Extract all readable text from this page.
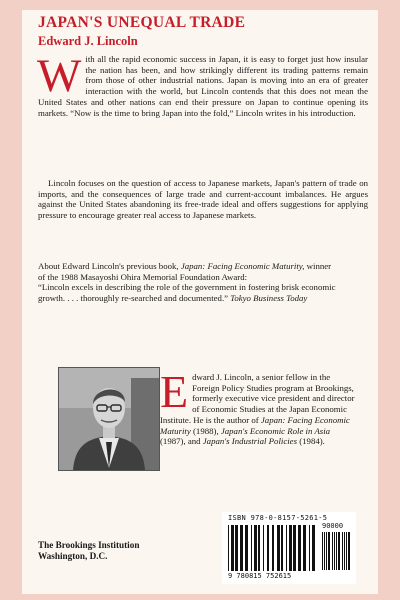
JAPAN'S UNEQUAL TRADE
Edward J. Lincoln
With all the rapid economic success in Japan, it is easy to forget just how insular the nation has been, and how strikingly different its trading patterns remain from those of other industrial nations. Japan is moving into an era of greater interaction with the world, but Lincoln contends that this does not mean the United States and other nations can end their pressure on Japan to continue opening its markets. “Now is the time to bring Japan into the fold,” Lincoln writes in his introduction.
Lincoln focuses on the question of access to Japanese markets, Japan's pattern of trade on imports, and the consequences of large trade and current-account imbalances. He argues against the United States abandoning its free-trade ideal and offers suggestions for applying pressure to encourage greater real access to Japanese markets.
About Edward Lincoln's previous book, Japan: Facing Economic Maturity, winner of the 1988 Masayoshi Ohira Memorial Foundation Award:
“Lincoln excels in describing the role of the government in fostering brisk economic growth. . . . thoroughly re-searched and documented.” Tokyo Business Today
Edward J. Lincoln, a senior fellow in the Foreign Policy Studies program at Brookings, formerly executive vice president and director of Economic Studies at the Japan Economic Institute. He is the author of Japan: Facing Economic Maturity (1988), Japan's Economic Role in Asia (1987), and Japan's Industrial Policies (1984).
ISBN 978-0-8157-5261-5
90000
9 780815 752615
The Brookings Institution
Washington, D.C.
